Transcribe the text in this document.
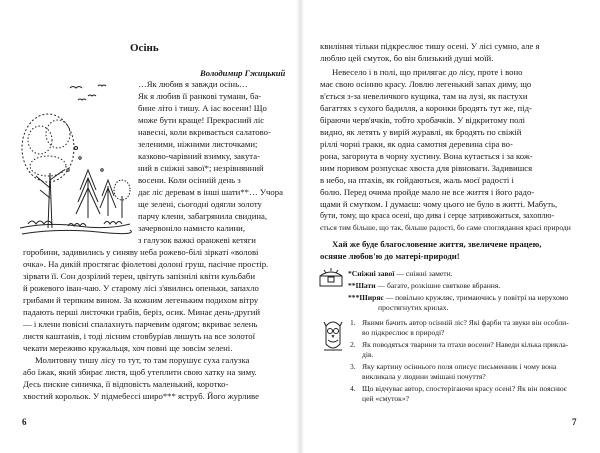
Осінь
Володимир Гжицький
…Як любив я завжди осінь…
Як я любив її ранкові тумани, ба-
бине літо і тишу. А іас восени! Що
може бути краще! Прекрасний ліс
навесні, коли вкривається салатово-
зеленими, ніжними листочками;
казково-чарівний взимку, закута-
ний в сніжні завої*; незрівнянний
восени. Коли осінній день з
дає ліс деревам в інші шати**… Учора
ще зелені, сьогодні одягли золоту
парчу клени, забагрянила свидина,
зачервоніло намисто калини,
з галузок важкі оранжеві кетяги
горобини, задивились у синяву неба рожево-білі зіркаті «волові
очка». На дикій простягає фіолетові долоні груш, пасічне простір.
зірвати її. Сон дозрілий терен, цвітуть запізнілі квіти кульбаби
й рожевого іван-чаю. У старому лісі з'явились опеньки, запахло
грибами й терпким вином. За кожним легеньким подихом вітру
падають перші листочки грабів, беріз, осик. Минає день-другий
— і клени повісні спалахнуть парчевим одягом; вкриває зелень
листя каштанів, і тоді лісним стовбуріав лишуть на все золотої
чекати мереживо кружальця, хоч повні ще зовсім зелені.
Молитовну тишу лісу то тут, то там порушує суха галузка
або їжак, який збирає листя, щоб утеплити свою хатку на зиму.
Десь пискне синичка, її відповість маленький, коротко-
хвостий корольок. У підмебессі широ*** яструб. Його журливе
6
квиління тільки підкреслює тишу осені. У лісі сумно, але я
люблю цей смуток, бо він близький душі моїй.
Невесело і в полі, що прилягає до лісу, проте і воно
має свою осінню красу. Ловлю легенький запах диму, що
в'ється з-за невеличкого кущика, там на лузі, як пастухи
багаттях з сухого бадилля, а коронки бродять тут же, під-
біраючи черв'ячків, тобто хробачків. У відкритому полі
видно, як летять у вирій журавлі, як бродять по свіжій
ріллі чорні граки, як одна самотня деревина сіра во-
рона, загорнута в чорну хустину. Вона кутається і за кож-
ним поривом розпускає хвоста для рівноваги. Задивишся
в небо, на птахів, як гойдаються, жаль моєї радості і
болю. Перед очима пройде мало не все життя і його радо-
щами й смутком. І думаєш: чому цього не було в житті. Мабуть,
бути, тому, що краса осені, що дива і серце затривожиться, захоплю-
ється тим більше, що так, більше радості, бо саме споглядання красі природи
Хай же буде благословенне життя, звеличене працею,
осяяне любов'ю до матері-природи!
*Сніжні завої — сніжні замети.
**Шати — багате, розкішне святкове вбрання.
***Ширяє — повільно кружляє, тримаючись у повітрі на нерухомо
простягнутих крилах.
1. Якими бачить автор осінній ліс? Які фарби та звуки він особли-
во підкреслює в природі?
2. Як поводяться тварини та птахи восени? Наведи кілька прикла-
дів.
3. Яку картину осіннього поля описує письменник і чому вона
викликала у людини змішані почуття?
4. Що відчуває автор, спостерігаючи красу осені? Як він пояснює
цей «смуток»?
7
